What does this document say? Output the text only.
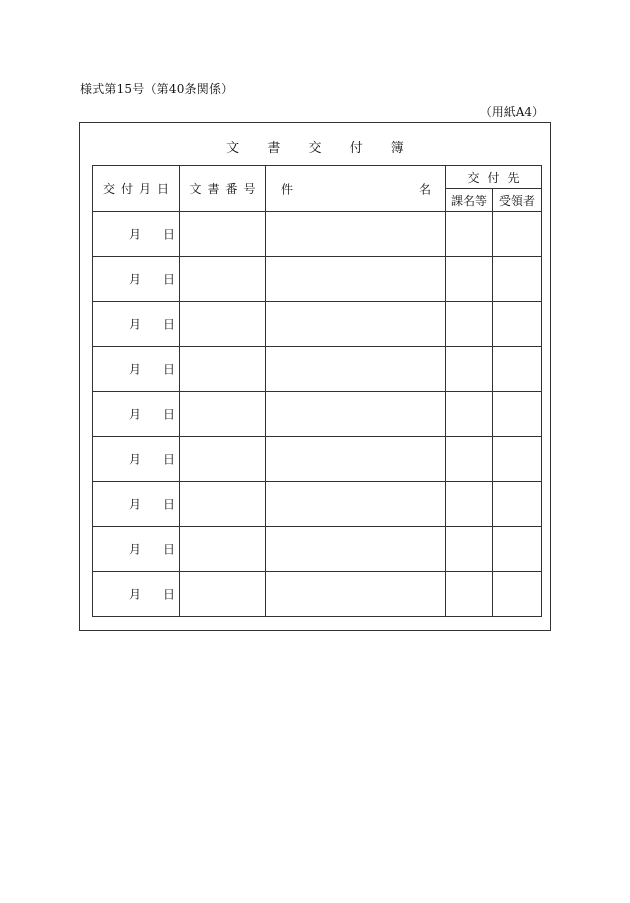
様式第15号（第40条関係）
（用紙A4）
文 書 交 付 簿
交 付 月 日	文 書 番 号	件 名	交 付 先	
			課名等	受領者

月 日				

月 日				

月 日				

月 日				

月 日				

月 日				

月 日				

月 日				

月 日				
